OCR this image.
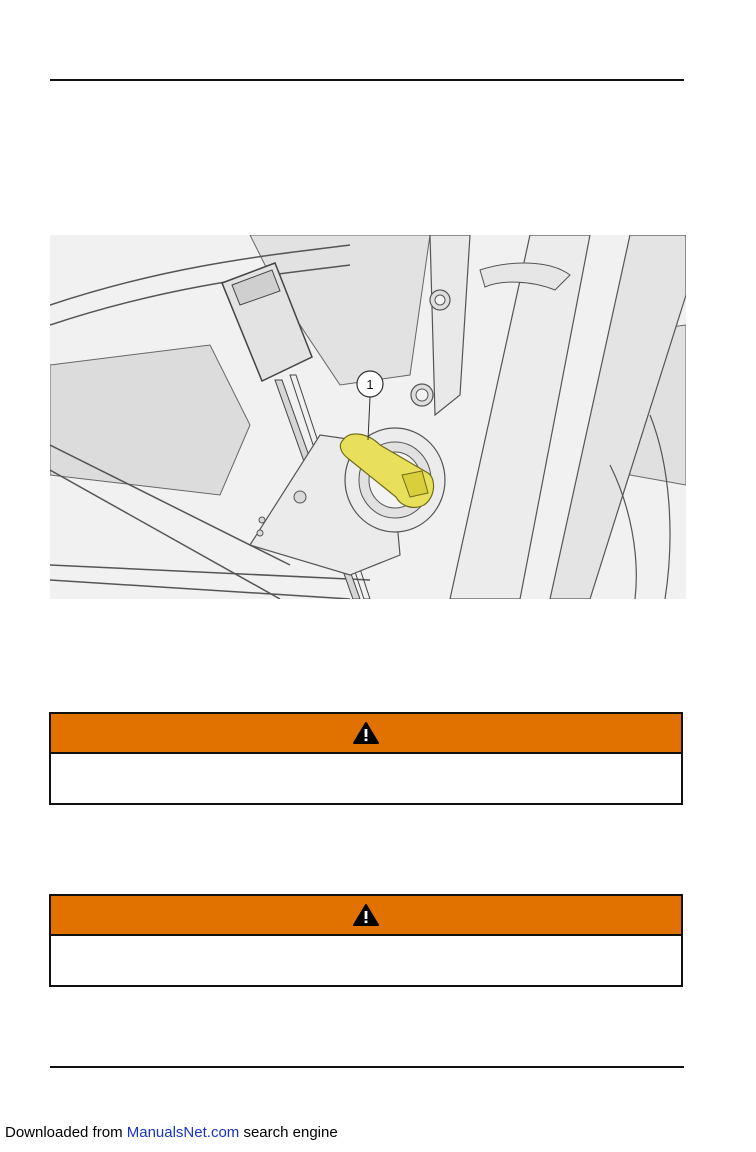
1
Downloaded from ManualsNet.com search engine
